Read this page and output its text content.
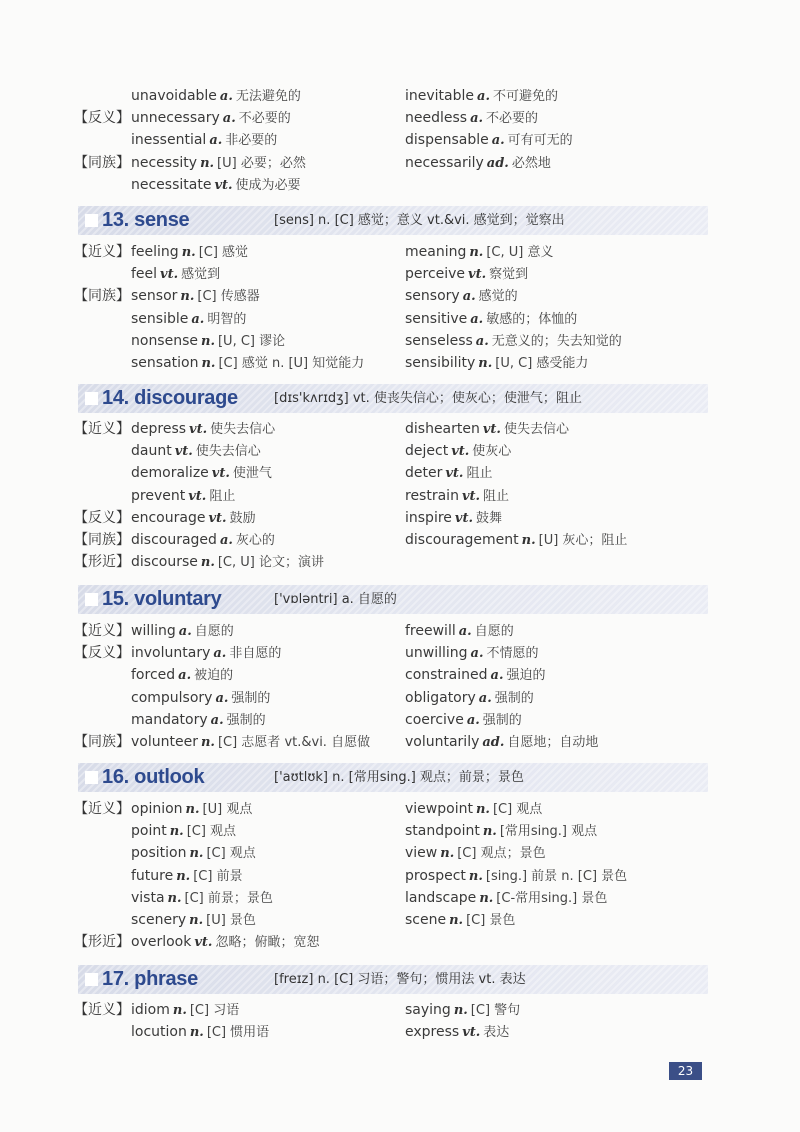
unavoidable a. 无法避免的	inevitable a. 不可避免的
【反义】 unnecessary a. 不必要的	needless a. 不必要的
inessential a. 非必要的	dispensable a. 可有可无的
【同族】 necessity n. [U] 必要；必然	necessarily ad. 必然地
necessitate vt. 使成为必要
13. sense	[sens] n. [C] 感觉；意义 vt.&vi. 感觉到；觉察出
【近义】 feeling n. [C] 感觉	meaning n. [C, U] 意义
feel vt. 感觉到	perceive vt. 察觉到
【同族】 sensor n. [C] 传感器	sensory a. 感觉的
sensible a. 明智的	sensitive a. 敏感的；体恤的
nonsense n. [U, C] 谬论	senseless a. 无意义的；失去知觉的
sensation n. [C] 感觉 n. [U] 知觉能力	sensibility n. [U, C] 感受能力
14. discourage	[dɪs'kʌrɪdʒ] vt. 使丧失信心；使灰心；使泄气；阻止
【近义】 depress vt. 使失去信心	dishearten vt. 使失去信心
daunt vt. 使失去信心	deject vt. 使灰心
demoralize vt. 使泄气	deter vt. 阻止
prevent vt. 阻止	restrain vt. 阻止
【反义】 encourage vt. 鼓励	inspire vt. 鼓舞
【同族】 discouraged a. 灰心的	discouragement n. [U] 灰心；阻止
【形近】 discourse n. [C, U] 论文；演讲
15. voluntary	['vɒləntri] a. 自愿的
【近义】 willing a. 自愿的	freewill a. 自愿的
【反义】 involuntary a. 非自愿的	unwilling a. 不情愿的
forced a. 被迫的	constrained a. 强迫的
compulsory a. 强制的	obligatory a. 强制的
mandatory a. 强制的	coercive a. 强制的
【同族】 volunteer n. [C] 志愿者 vt.&vi. 自愿做 voluntarily ad. 自愿地；自动地
16. outlook	['aʊtlʊk] n. [常用sing.] 观点；前景；景色
【近义】 opinion n. [U] 观点	viewpoint n. [C] 观点
point n. [C] 观点	standpoint n. [常用sing.] 观点
position n. [C] 观点	view n. [C] 观点；景色
future n. [C] 前景	prospect n. [sing.] 前景 n. [C] 景色
vista n. [C] 前景；景色	landscape n. [C-常用sing.] 景色
scenery n. [U] 景色	scene n. [C] 景色
【形近】 overlook vt. 忽略；俯瞰；宽恕
17. phrase	[freɪz] n. [C] 习语；警句；惯用法 vt. 表达
【近义】 idiom n. [C] 习语	saying n. [C] 警句
locution n. [C] 惯用语	express vt. 表达
23
